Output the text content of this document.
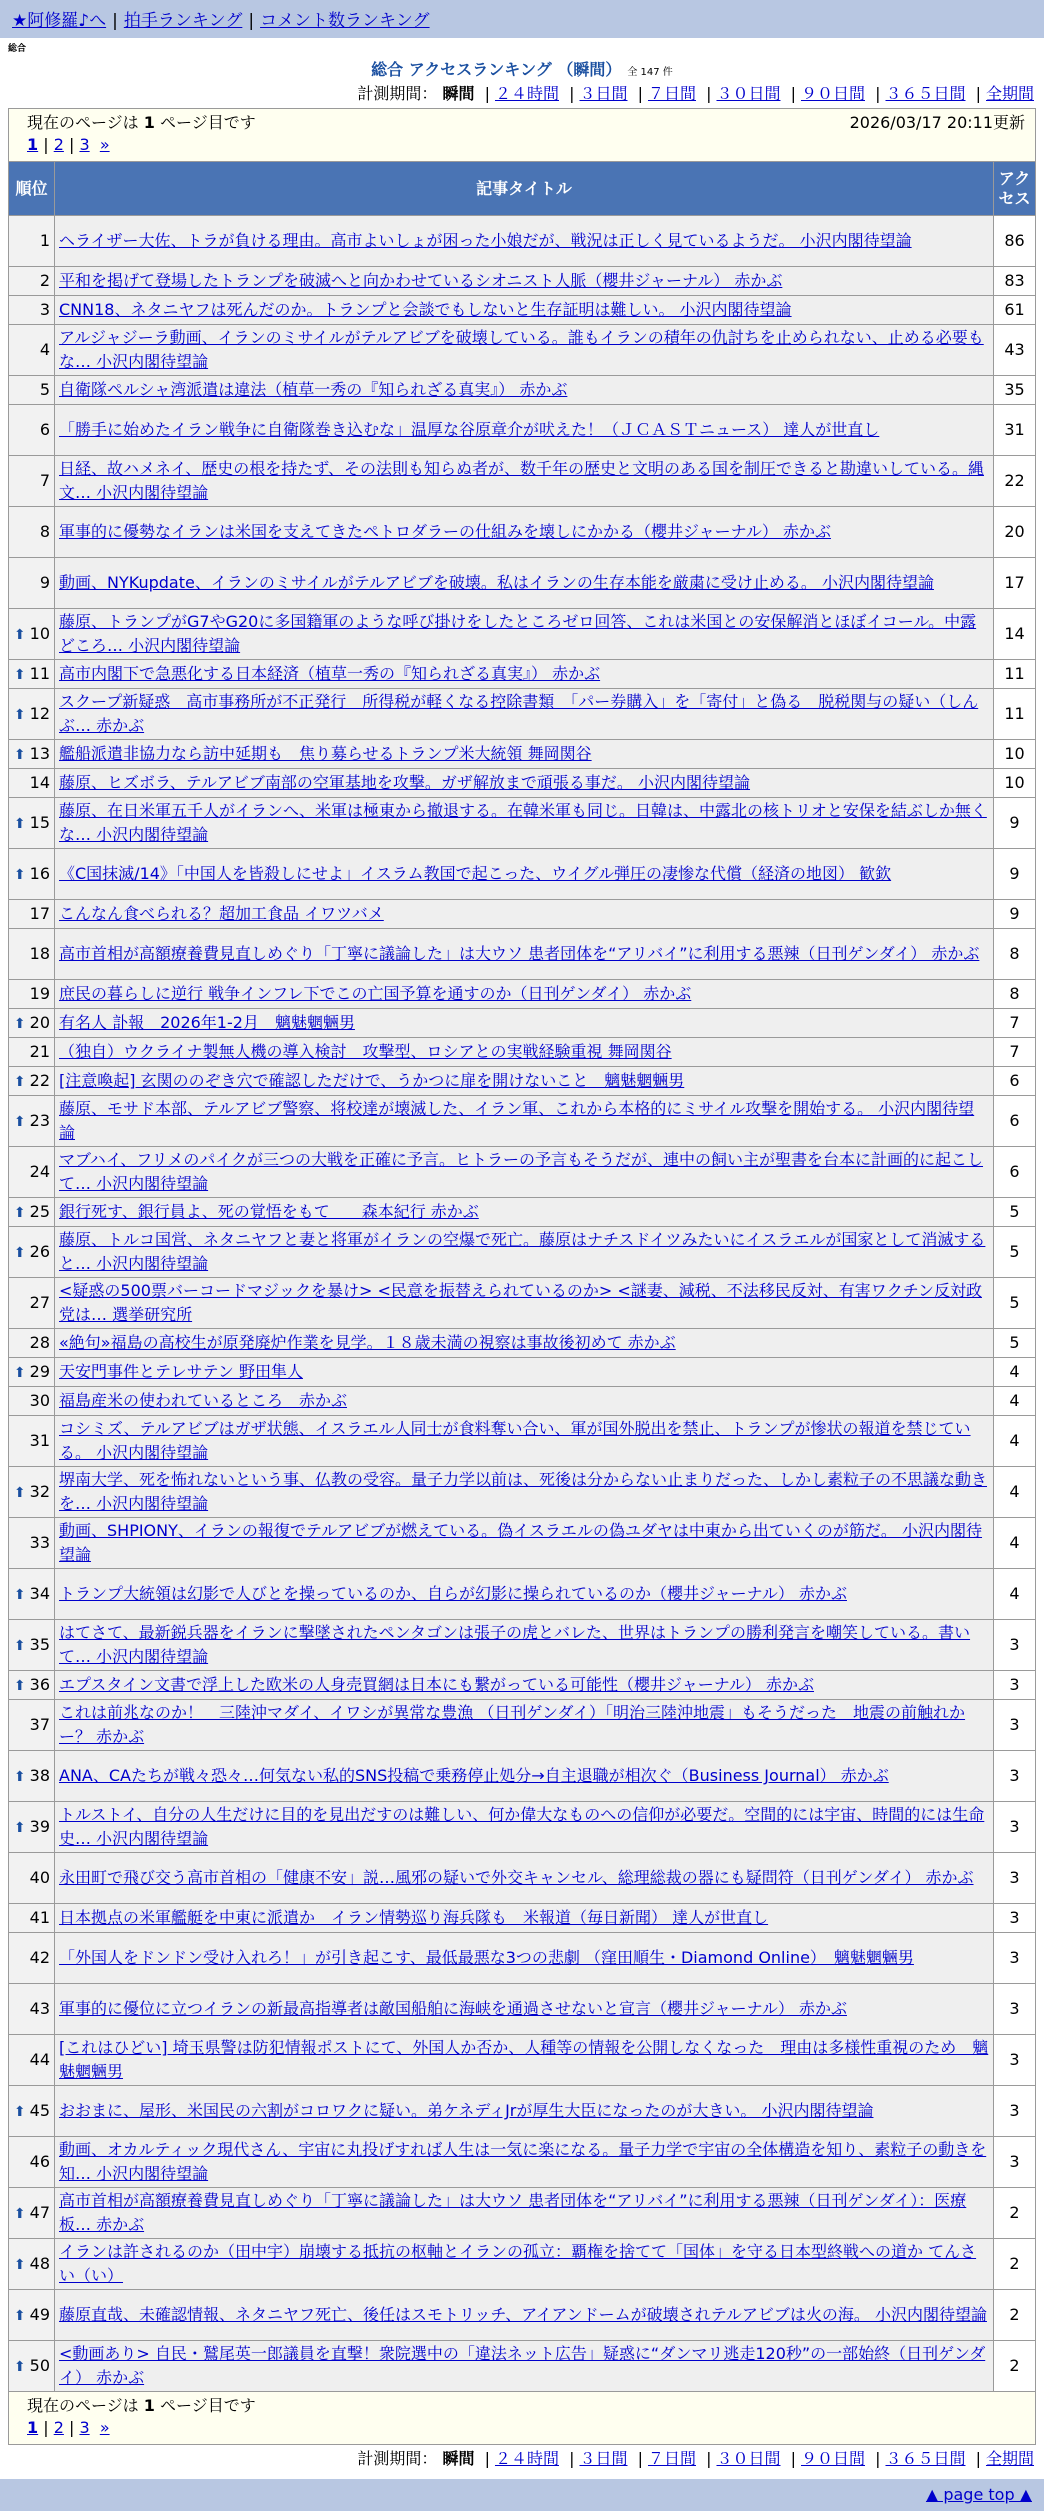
★阿修羅♪へ | 拍手ランキング | コメント数ランキング
総合
総合 アクセスランキング （瞬間） 全 147 件
計測期間： 瞬間 | ２４時間 | ３日間 | ７日間 | ３０日間 | ９０日間 | ３６５日間 | 全期間
現在のページは 1 ページ目です 2026/03/17 20:11更新
1 | 2 | 3 »		

順位	記事タイトル	アクセス
1	ヘライザー大佐、トラが負ける理由。高市よいしょが困った小娘だが、戦況は正しく見ているようだ。 小沢内閣待望論	86
2	平和を掲げて登場したトランプを破滅へと向かわせているシオニスト人脈（櫻井ジャーナル） 赤かぶ	83
3	CNN18、ネタニヤフは死んだのか。トランプと会談でもしないと生存証明は難しい。 小沢内閣待望論	61
4	アルジャジーラ動画、イランのミサイルがテルアビブを破壊している。誰もイランの積年の仇討ちを止められない、止める必要もな… 小沢内閣待望論	43
5	自衛隊ペルシャ湾派遣は違法（植草一秀の『知られざる真実』） 赤かぶ	35
6	「勝手に始めたイラン戦争に自衛隊巻き込むな」温厚な谷原章介が吠えた！（ＪＣＡＳＴニュース） 達人が世直し	31
7	日経、故ハメネイ、歴史の根を持たず、その法則も知らぬ者が、数千年の歴史と文明のある国を制圧できると勘違いしている。縄文… 小沢内閣待望論	22
8	軍事的に優勢なイランは米国を支えてきたペトロダラーの仕組みを壊しにかかる（櫻井ジャーナル） 赤かぶ	20
9	動画、NYKupdate、イランのミサイルがテルアビブを破壊。私はイランの生存本能を厳粛に受け止める。 小沢内閣待望論	17
⬆ 10	藤原、トランプがG7やG20に多国籍軍のような呼び掛けをしたところゼロ回答、これは米国との安保解消とほぼイコール。中露どころ… 小沢内閣待望論	14
⬆ 11	高市内閣下で急悪化する日本経済（植草一秀の『知られざる真実』） 赤かぶ	11
⬆ 12	スクープ新疑惑　高市事務所が不正発行　所得税が軽くなる控除書類　「パー券購入」を「寄付」と偽る　脱税関与の疑い（しんぶ… 赤かぶ	11
⬆ 13	艦船派遣非協力なら訪中延期も　焦り募らせるトランプ米大統領 舞岡関谷	10
14	藤原、ヒズボラ、テルアビブ南部の空軍基地を攻撃。ガザ解放まで頑張る事だ。 小沢内閣待望論	10
⬆ 15	藤原、在日米軍五千人がイランへ、米軍は極東から撤退する。在韓米軍も同じ。日韓は、中露北の核トリオと安保を結ぶしか無くな… 小沢内閣待望論	9
⬆ 16	《C国抹滅/14》「中国人を皆殺しにせよ」イスラム教国で起こった、ウイグル弾圧の凄惨な代償（経済の地図） 歓欽	9
17	こんなん食べられる？超加工食品 イワツバメ	9
18	高市首相が高額療養費見直しめぐり「丁寧に議論した」は大ウソ 患者団体を“アリバイ”に利用する悪辣（日刊ゲンダイ） 赤かぶ	8
19	庶民の暮らしに逆行 戦争インフレ下でこの亡国予算を通すのか（日刊ゲンダイ） 赤かぶ	8
⬆ 20	有名人 訃報　2026年1-2月　魑魅魍魎男	7
21	（独自）ウクライナ製無人機の導入検討　攻撃型、ロシアとの実戦経験重視 舞岡関谷	7
⬆ 22	[注意喚起] 玄関ののぞき穴で確認しただけで、うかつに扉を開けないこと　魑魅魍魎男	6
⬆ 23	藤原、モサド本部、テルアビブ警察、将校達が壊滅した、イラン軍、これから本格的にミサイル攻撃を開始する。 小沢内閣待望論	6
24	マブハイ、フリメのパイクが三つの大戦を正確に予言。ヒトラーの予言もそうだが、連中の飼い主が聖書を台本に計画的に起こして… 小沢内閣待望論	6
⬆ 25	銀行死す、銀行員よ、死の覚悟をもて　　森本紀行 赤かぶ	5
⬆ 26	藤原、トルコ国営、ネタニヤフと妻と将軍がイランの空爆で死亡。藤原はナチスドイツみたいにイスラエルが国家として消滅すると… 小沢内閣待望論	5
27	<疑惑の500票バーコードマジックを暴け> <民意を振替えられているのか> <謎妻、減税、不法移民反対、有害ワクチン反対政党は… 選挙研究所	5
28	«絶句»福島の高校生が原発廃炉作業を見学。１８歳未満の視察は事故後初めて 赤かぶ	5
⬆ 29	天安門事件とテレサテン 野田隼人	4
30	福島産米の使われているところ　赤かぶ	4
31	コシミズ、テルアビブはガザ状態、イスラエル人同士が食料奪い合い、軍が国外脱出を禁止、トランプが惨状の報道を禁じている。 小沢内閣待望論	4
⬆ 32	堺南大学、死を怖れないという事、仏教の受容。量子力学以前は、死後は分からない止まりだった、しかし素粒子の不思議な動きを… 小沢内閣待望論	4
33	動画、SHPIONY、イランの報復でテルアビブが燃えている。偽イスラエルの偽ユダヤは中東から出ていくのが筋だ。 小沢内閣待望論	4
⬆ 34	トランプ大統領は幻影で人びとを操っているのか、自らが幻影に操られているのか（櫻井ジャーナル） 赤かぶ	4
⬆ 35	はてさて、最新鋭兵器をイランに撃墜されたペンタゴンは張子の虎とバレた、世界はトランプの勝利発言を嘲笑している。書いて… 小沢内閣待望論	3
⬆ 36	エプスタイン文書で浮上した欧米の人身売買網は日本にも繋がっている可能性（櫻井ジャーナル） 赤かぶ	3
37	これは前兆なのか！　三陸沖マダイ、イワシが異常な豊漁 （日刊ゲンダイ）「明治三陸沖地震」もそうだった　地震の前触れかー？ 赤かぶ	3
⬆ 38	ANA、CAたちが戦々恐々…何気ない私的SNS投稿で乗務停止処分→自主退職が相次ぐ（Business Journal） 赤かぶ	3
⬆ 39	トルストイ、自分の人生だけに目的を見出だすのは難しい、何か偉大なものへの信仰が必要だ。空間的には宇宙、時間的には生命史… 小沢内閣待望論	3
40	永田町で飛び交う高市首相の「健康不安」説…風邪の疑いで外交キャンセル、総理総裁の器にも疑問符（日刊ゲンダイ） 赤かぶ	3
41	日本拠点の米軍艦艇を中東に派遣か　イラン情勢巡り海兵隊も　米報道（毎日新聞） 達人が世直し	3
42	「外国人をドンドン受け入れろ！」が引き起こす、最低最悪な3つの悲劇 （窪田順生・Diamond Online）　魑魅魍魎男	3
43	軍事的に優位に立つイランの新最高指導者は敵国船舶に海峡を通過させないと宣言（櫻井ジャーナル） 赤かぶ	3
44	[これはひどい] 埼玉県警は防犯情報ポストにて、外国人か否か、人種等の情報を公開しなくなった　理由は多様性重視のため　魑魅魍魎男	3
⬆ 45	おおまに、屋形、米国民の六割がコロワクに疑い。弟ケネディJrが厚生大臣になったのが大きい。 小沢内閣待望論	3
46	動画、オカルティック現代さん、宇宙に丸投げすれば人生は一気に楽になる。量子力学で宇宙の全体構造を知り、素粒子の動きを知… 小沢内閣待望論	3
⬆ 47	高市首相が高額療養費見直しめぐり「丁寧に議論した」は大ウソ 患者団体を“アリバイ”に利用する悪辣（日刊ゲンダイ）：医療板… 赤かぶ	2
⬆ 48	イランは許されるのか（田中宇）崩壊する抵抗の枢軸とイランの孤立：覇権を捨てて「国体」を守る日本型終戦への道か てんさい（い）	2
⬆ 49	藤原直哉、未確認情報、ネタニヤフ死亡、後任はスモトリッチ、アイアンドームが破壊されテルアビブは火の海。 小沢内閣待望論	2
⬆ 50	<動画あり> 自民・鷲尾英一郎議員を直撃！衆院選中の「違法ネット広告」疑惑に“ダンマリ逃走120秒”の一部始終（日刊ゲンダイ） 赤かぶ	2

現在のページは 1 ページ目です
1 | 2 | 3 »		
計測期間： 瞬間 | ２４時間 | ３日間 | ７日間 | ３０日間 | ９０日間 | ３６５日間 | 全期間
▲ page top ▲
